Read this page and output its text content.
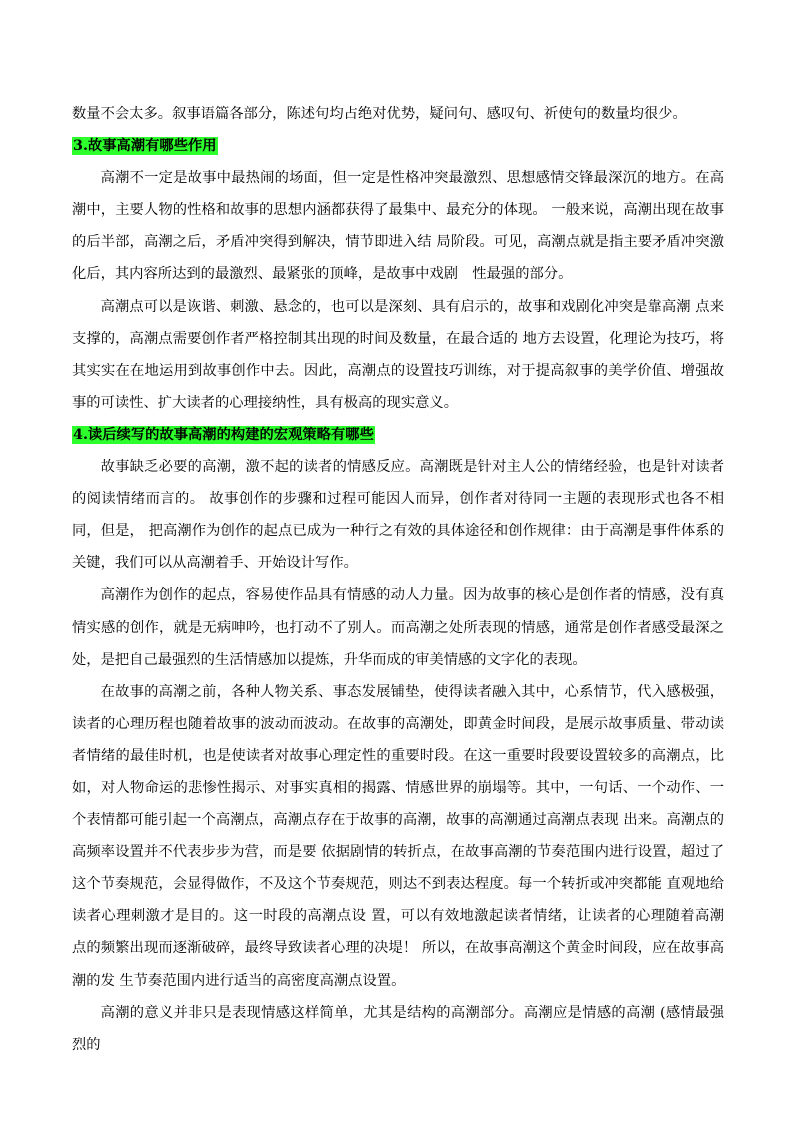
数量不会太多。叙事语篇各部分，陈述句均占绝对优势，疑问句、感叹句、祈使句的数量均很少。

3.故事高潮有哪些作用

高潮不一定是故事中最热闹的场面，但一定是性格冲突最激烈、思想感情交锋最深沉的地方。在高潮中，主要人物的性格和故事的思想内涵都获得了最集中、最充分的体现。 一般来说，高潮出现在故事的后半部，高潮之后，矛盾冲突得到解决，情节即进入结 局阶段。可见，高潮点就是指主要矛盾冲突激化后，其内容所达到的最激烈、最紧张的顶峰，是故事中戏剧　性最强的部分。

高潮点可以是诙谐、刺激、悬念的，也可以是深刻、具有启示的，故事和戏剧化冲突是靠高潮 点来支撑的，高潮点需要创作者严格控制其出现的时间及数量，在最合适的 地方去设置，化理论为技巧，将其实实在在地运用到故事创作中去。因此，高潮点的设置技巧训练，对于提高叙事的美学价值、增强故事的可读性、扩大读者的心理接纳性，具有极高的现实意义。

4.读后续写的故事高潮的构建的宏观策略有哪些

故事缺乏必要的高潮，激不起的读者的情感反应。高潮既是针对主人公的情绪经验，也是针对读者的阅读情绪而言的。 故事创作的步骤和过程可能因人而异，创作者对待同一主题的表现形式也各不相同，但是， 把高潮作为创作的起点已成为一种行之有效的具体途径和创作规律：由于高潮是事件体系的关键，我们可以从高潮着手、开始设计写作。

高潮作为创作的起点，容易使作品具有情感的动人力量。因为故事的核心是创作者的情感，没有真情实感的创作，就是无病呻吟，也打动不了别人。而高潮之处所表现的情感，通常是创作者感受最深之处，是把自己最强烈的生活情感加以提炼，升华而成的审美情感的文字化的表现。

在故事的高潮之前，各种人物关系、事态发展铺垫，使得读者融入其中，心系情节，代入感极强，读者的心理历程也随着故事的波动而波动。在故事的高潮处，即黄金时间段，是展示故事质量、带动读者情绪的最佳时机，也是使读者对故事心理定性的重要时段。在这一重要时段要设置较多的高潮点，比如，对人物命运的悲惨性揭示、对事实真相的揭露、情感世界的崩塌等。其中，一句话、一个动作、一个表情都可能引起一个高潮点，高潮点存在于故事的高潮，故事的高潮通过高潮点表现 出来。高潮点的高频率设置并不代表步步为营，而是要 依据剧情的转折点，在故事高潮的节奏范围内进行设置，超过了这个节奏规范，会显得做作，不及这个节奏规范，则达不到表达程度。每一个转折或冲突都能 直观地给读者心理刺激才是目的。这一时段的高潮点设 置，可以有效地激起读者情绪，让读者的心理随着高潮 点的频繁出现而逐渐破碎，最终导致读者心理的决堤！ 所以，在故事高潮这个黄金时间段，应在故事高潮的发 生节奏范围内进行适当的高密度高潮点设置。

高潮的意义并非只是表现情感这样简单，尤其是结构的高潮部分。高潮应是情感的高潮 (感情最强烈的
